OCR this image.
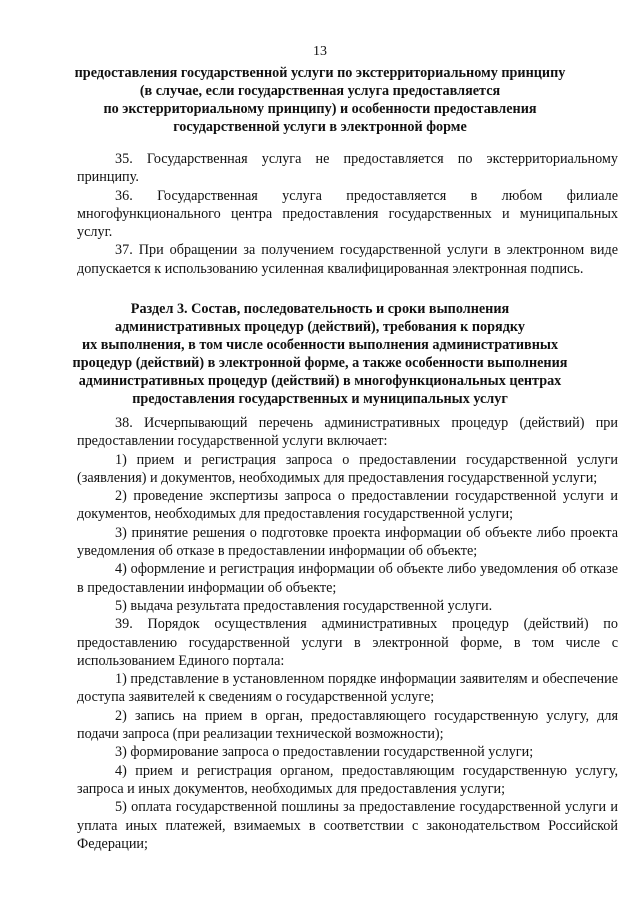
13
предоставления государственной услуги по экстерриториальному принципу
(в случае, если государственная услуга предоставляется
по экстерриториальному принципу) и особенности предоставления
государственной услуги в электронной форме

35. Государственная услуга не предоставляется по экстерриториальному принципу.

36. Государственная услуга предоставляется в любом филиале многофункционального центра предоставления государственных и муниципальных услуг.

37. При обращении за получением государственной услуги в электронном виде допускается к использованию усиленная квалифицированная электронная подпись.

Раздел 3. Состав, последовательность и сроки выполнения
административных процедур (действий), требования к порядку
их выполнения, в том числе особенности выполнения административных
процедур (действий) в электронной форме, а также особенности выполнения
административных процедур (действий) в многофункциональных центрах
предоставления государственных и муниципальных услуг

38. Исчерпывающий перечень административных процедур (действий) при предоставлении государственной услуги включает:

1) прием и регистрация запроса о предоставлении государственной услуги (заявления) и документов, необходимых для предоставления государственной услуги;

2) проведение экспертизы запроса о предоставлении государственной услуги и документов, необходимых для предоставления государственной услуги;

3) принятие решения о подготовке проекта информации об объекте либо проекта уведомления об отказе в предоставлении информации об объекте;

4) оформление и регистрация информации об объекте либо уведомления об отказе в предоставлении информации об объекте;

5) выдача результата предоставления государственной услуги.

39. Порядок осуществления административных процедур (действий) по предоставлению государственной услуги в электронной форме, в том числе с использованием Единого портала:

1) представление в установленном порядке информации заявителям и обеспечение доступа заявителей к сведениям о государственной услуге;

2) запись на прием в орган, предоставляющего государственную услугу, для подачи запроса (при реализации технической возможности);

3) формирование запроса о предоставлении государственной услуги;

4) прием и регистрация органом, предоставляющим государственную услугу, запроса и иных документов, необходимых для предоставления услуги;

5) оплата государственной пошлины за предоставление государственной услуги и уплата иных платежей, взимаемых в соответствии с законодательством Российской Федерации;
